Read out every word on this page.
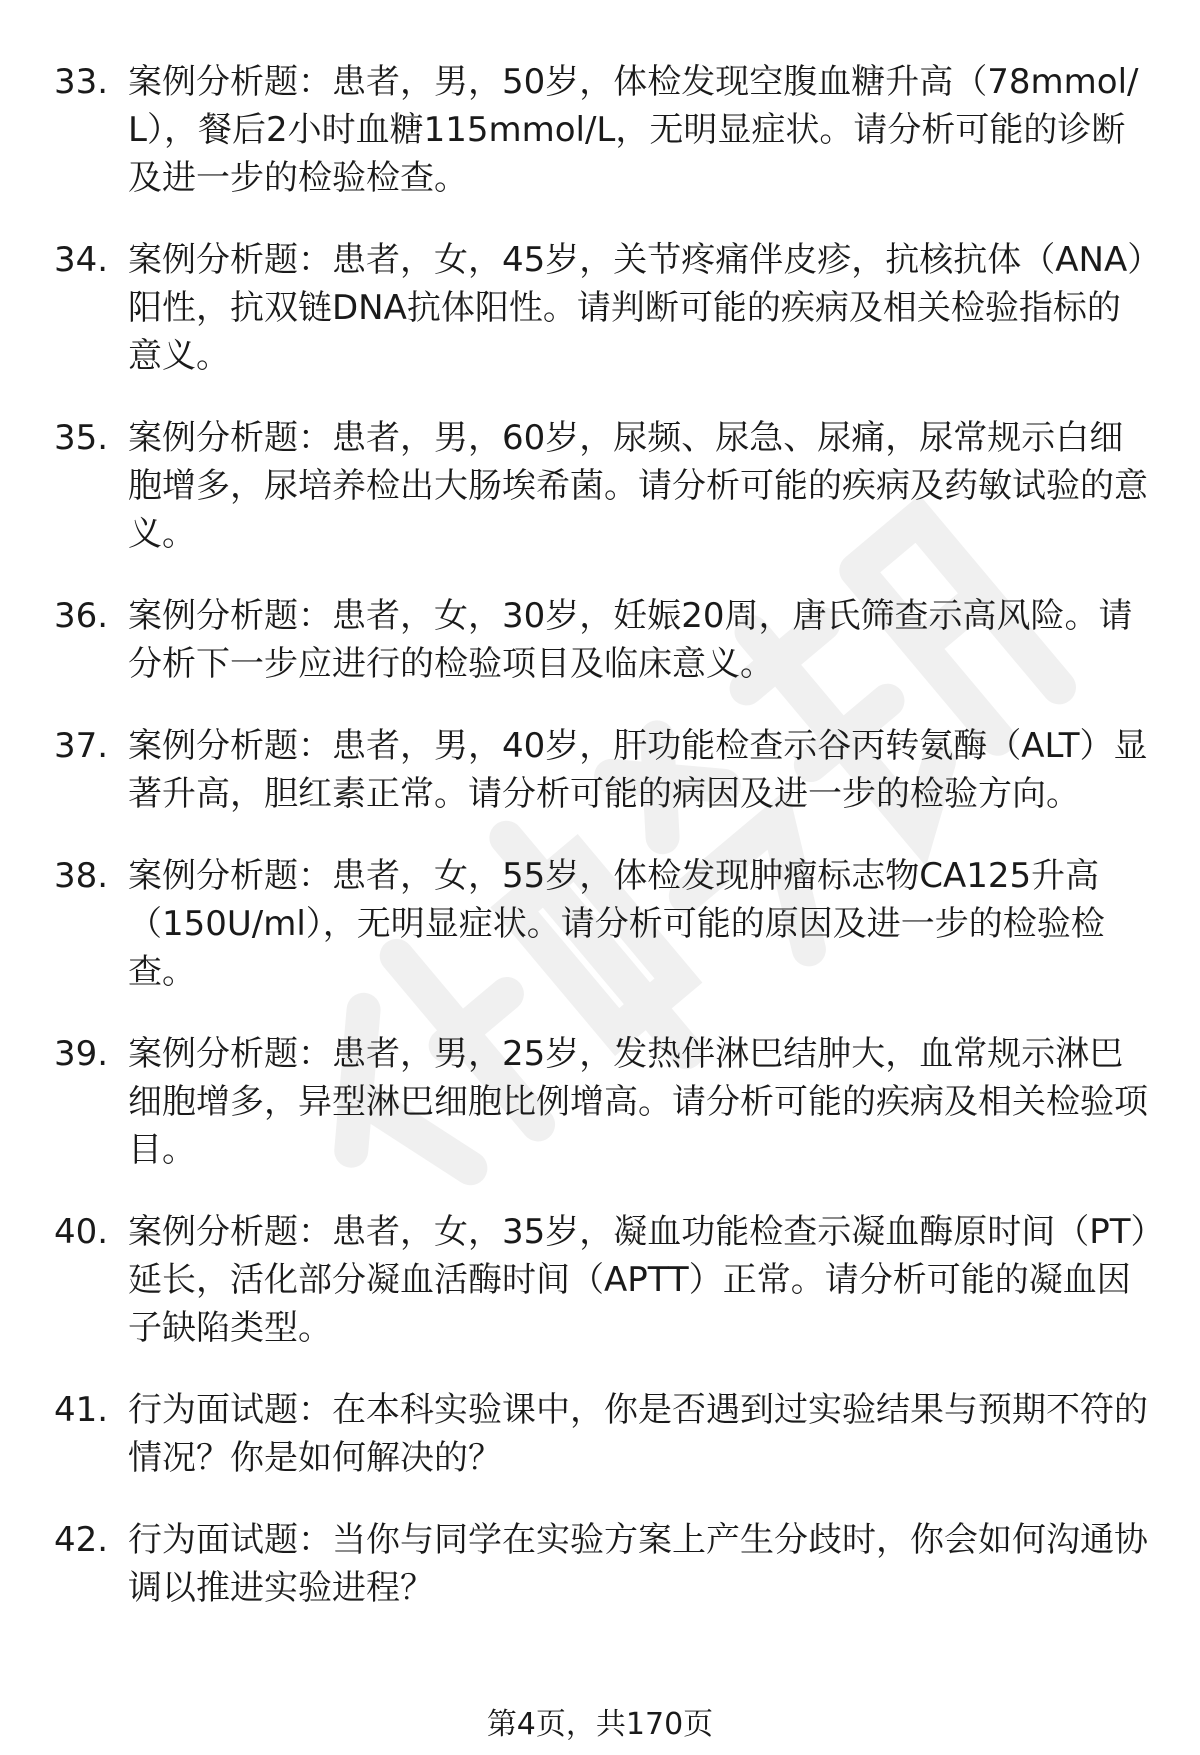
33. 案例分析题：患者，男，50岁，体检发现空腹血糖升高（78mmol/L），餐后2小时血糖115mmol/L，无明显症状。请分析可能的诊断及进一步的检验检查。
34. 案例分析题：患者，女，45岁，关节疼痛伴皮疹，抗核抗体（ANA）阳性，抗双链DNA抗体阳性。请判断可能的疾病及相关检验指标的意义。
35. 案例分析题：患者，男，60岁，尿频、尿急、尿痛，尿常规示白细胞增多，尿培养检出大肠埃希菌。请分析可能的疾病及药敏试验的意义。
36. 案例分析题：患者，女，30岁，妊娠20周，唐氏筛查示高风险。请分析下一步应进行的检验项目及临床意义。
37. 案例分析题：患者，男，40岁，肝功能检查示谷丙转氨酶（ALT）显著升高，胆红素正常。请分析可能的病因及进一步的检验方向。
38. 案例分析题：患者，女，55岁，体检发现肿瘤标志物CA125升高（150U/ml），无明显症状。请分析可能的原因及进一步的检验检查。
39. 案例分析题：患者，男，25岁，发热伴淋巴结肿大，血常规示淋巴细胞增多，异型淋巴细胞比例增高。请分析可能的疾病及相关检验项目。
40. 案例分析题：患者，女，35岁，凝血功能检查示凝血酶原时间（PT）延长，活化部分凝血活酶时间（APTT）正常。请分析可能的凝血因子缺陷类型。
41. 行为面试题：在本科实验课中，你是否遇到过实验结果与预期不符的情况？你是如何解决的？
42. 行为面试题：当你与同学在实验方案上产生分歧时，你会如何沟通协调以推进实验进程？
第4页，共170页
